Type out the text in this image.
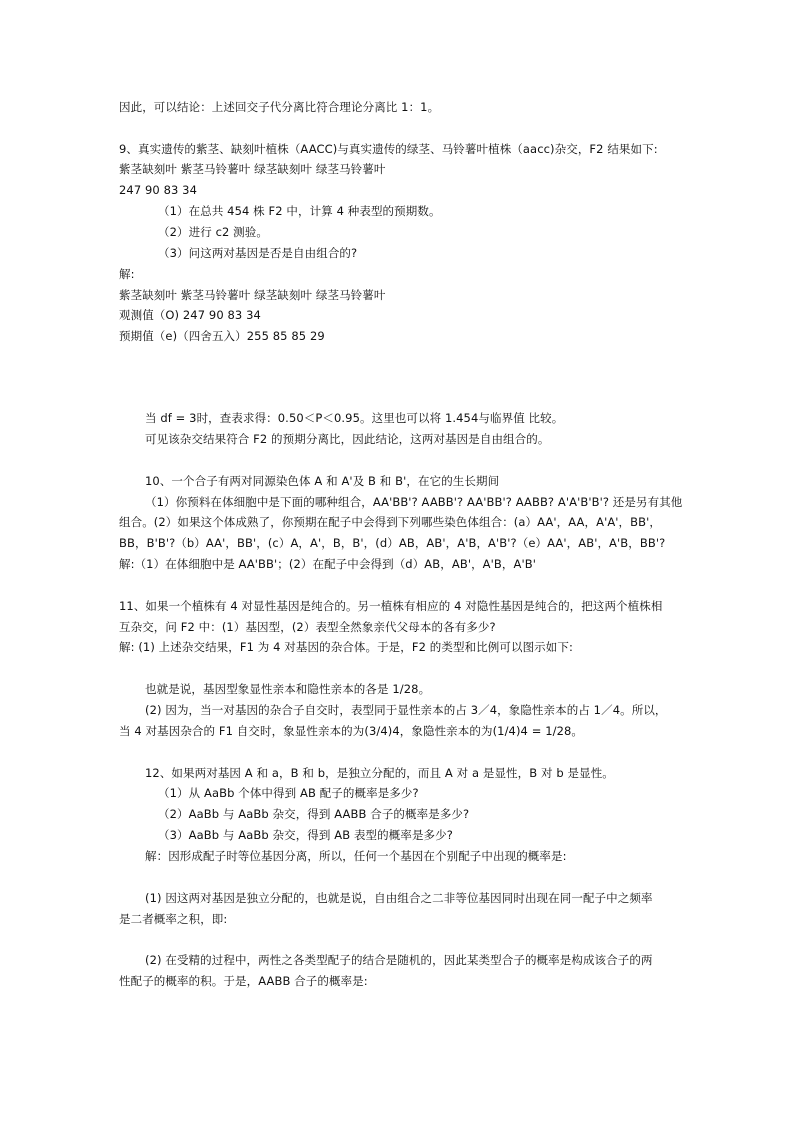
因此，可以结论：上述回交子代分离比符合理论分离比 1：1。
9、真实遗传的紫茎、缺刻叶植株（AACC)与真实遗传的绿茎、马铃薯叶植株（aacc)杂交，F2 结果如下:
紫茎缺刻叶 紫茎马铃薯叶 绿茎缺刻叶 绿茎马铃薯叶
247 90 83 34
（1）在总共 454 株 F2 中，计算 4 种表型的预期数。
（2）进行 c2 测验。
（3）问这两对基因是否是自由组合的?
解:
紫茎缺刻叶 紫茎马铃薯叶 绿茎缺刻叶 绿茎马铃薯叶
观测值（O) 247 90 83 34
预期值（e)（四舍五入）255 85 85 29
当 df = 3时，查表求得：0.50＜P＜0.95。这里也可以将 1.454与临界值 比较。
可见该杂交结果符合 F2 的预期分离比，因此结论，这两对基因是自由组合的。
10、一个合子有两对同源染色体 A 和 A'及 B 和 B'，在它的生长期间
（1）你预料在体细胞中是下面的哪种组合，AA'BB'? AABB'? AA'BB'? AABB? A'A'B'B'? 还是另有其他
组合。(2）如果这个体成熟了，你预期在配子中会得到下列哪些染色体组合：(a）AA'，AA，A'A'，BB'，
BB，B'B'?（b）AA'，BB'，(c）A，A'，B，B'，(d）AB，AB'，A'B，A'B'?（e）AA'，AB'，A'B，BB'?
解:（1）在体细胞中是 AA'BB'；(2）在配子中会得到（d）AB，AB'，A'B，A'B'
11、如果一个植株有 4 对显性基因是纯合的。另一植株有相应的 4 对隐性基因是纯合的，把这两个植株相
互杂交，问 F2 中：(1）基因型，(2）表型全然象亲代父母本的各有多少?
解: (1) 上述杂交结果，F1 为 4 对基因的杂合体。于是，F2 的类型和比例可以图示如下:
也就是说，基因型象显性亲本和隐性亲本的各是 1/28。
(2) 因为，当一对基因的杂合子自交时，表型同于显性亲本的占 3／4，象隐性亲本的占 1／4。所以，
当 4 对基因杂合的 F1 自交时，象显性亲本的为(3/4)4，象隐性亲本的为(1/4)4 = 1/28。
12、如果两对基因 A 和 a，B 和 b，是独立分配的，而且 A 对 a 是显性，B 对 b 是显性。
（1）从 AaBb 个体中得到 AB 配子的概率是多少?
（2）AaBb 与 AaBb 杂交，得到 AABB 合子的概率是多少?
（3）AaBb 与 AaBb 杂交，得到 AB 表型的概率是多少?
解：因形成配子时等位基因分离，所以，任何一个基因在个别配子中出现的概率是:
(1) 因这两对基因是独立分配的，也就是说，自由组合之二非等位基因同时出现在同一配子中之频率
是二者概率之积，即:
(2) 在受精的过程中，两性之各类型配子的结合是随机的，因此某类型合子的概率是构成该合子的两
性配子的概率的积。于是，AABB 合子的概率是:
